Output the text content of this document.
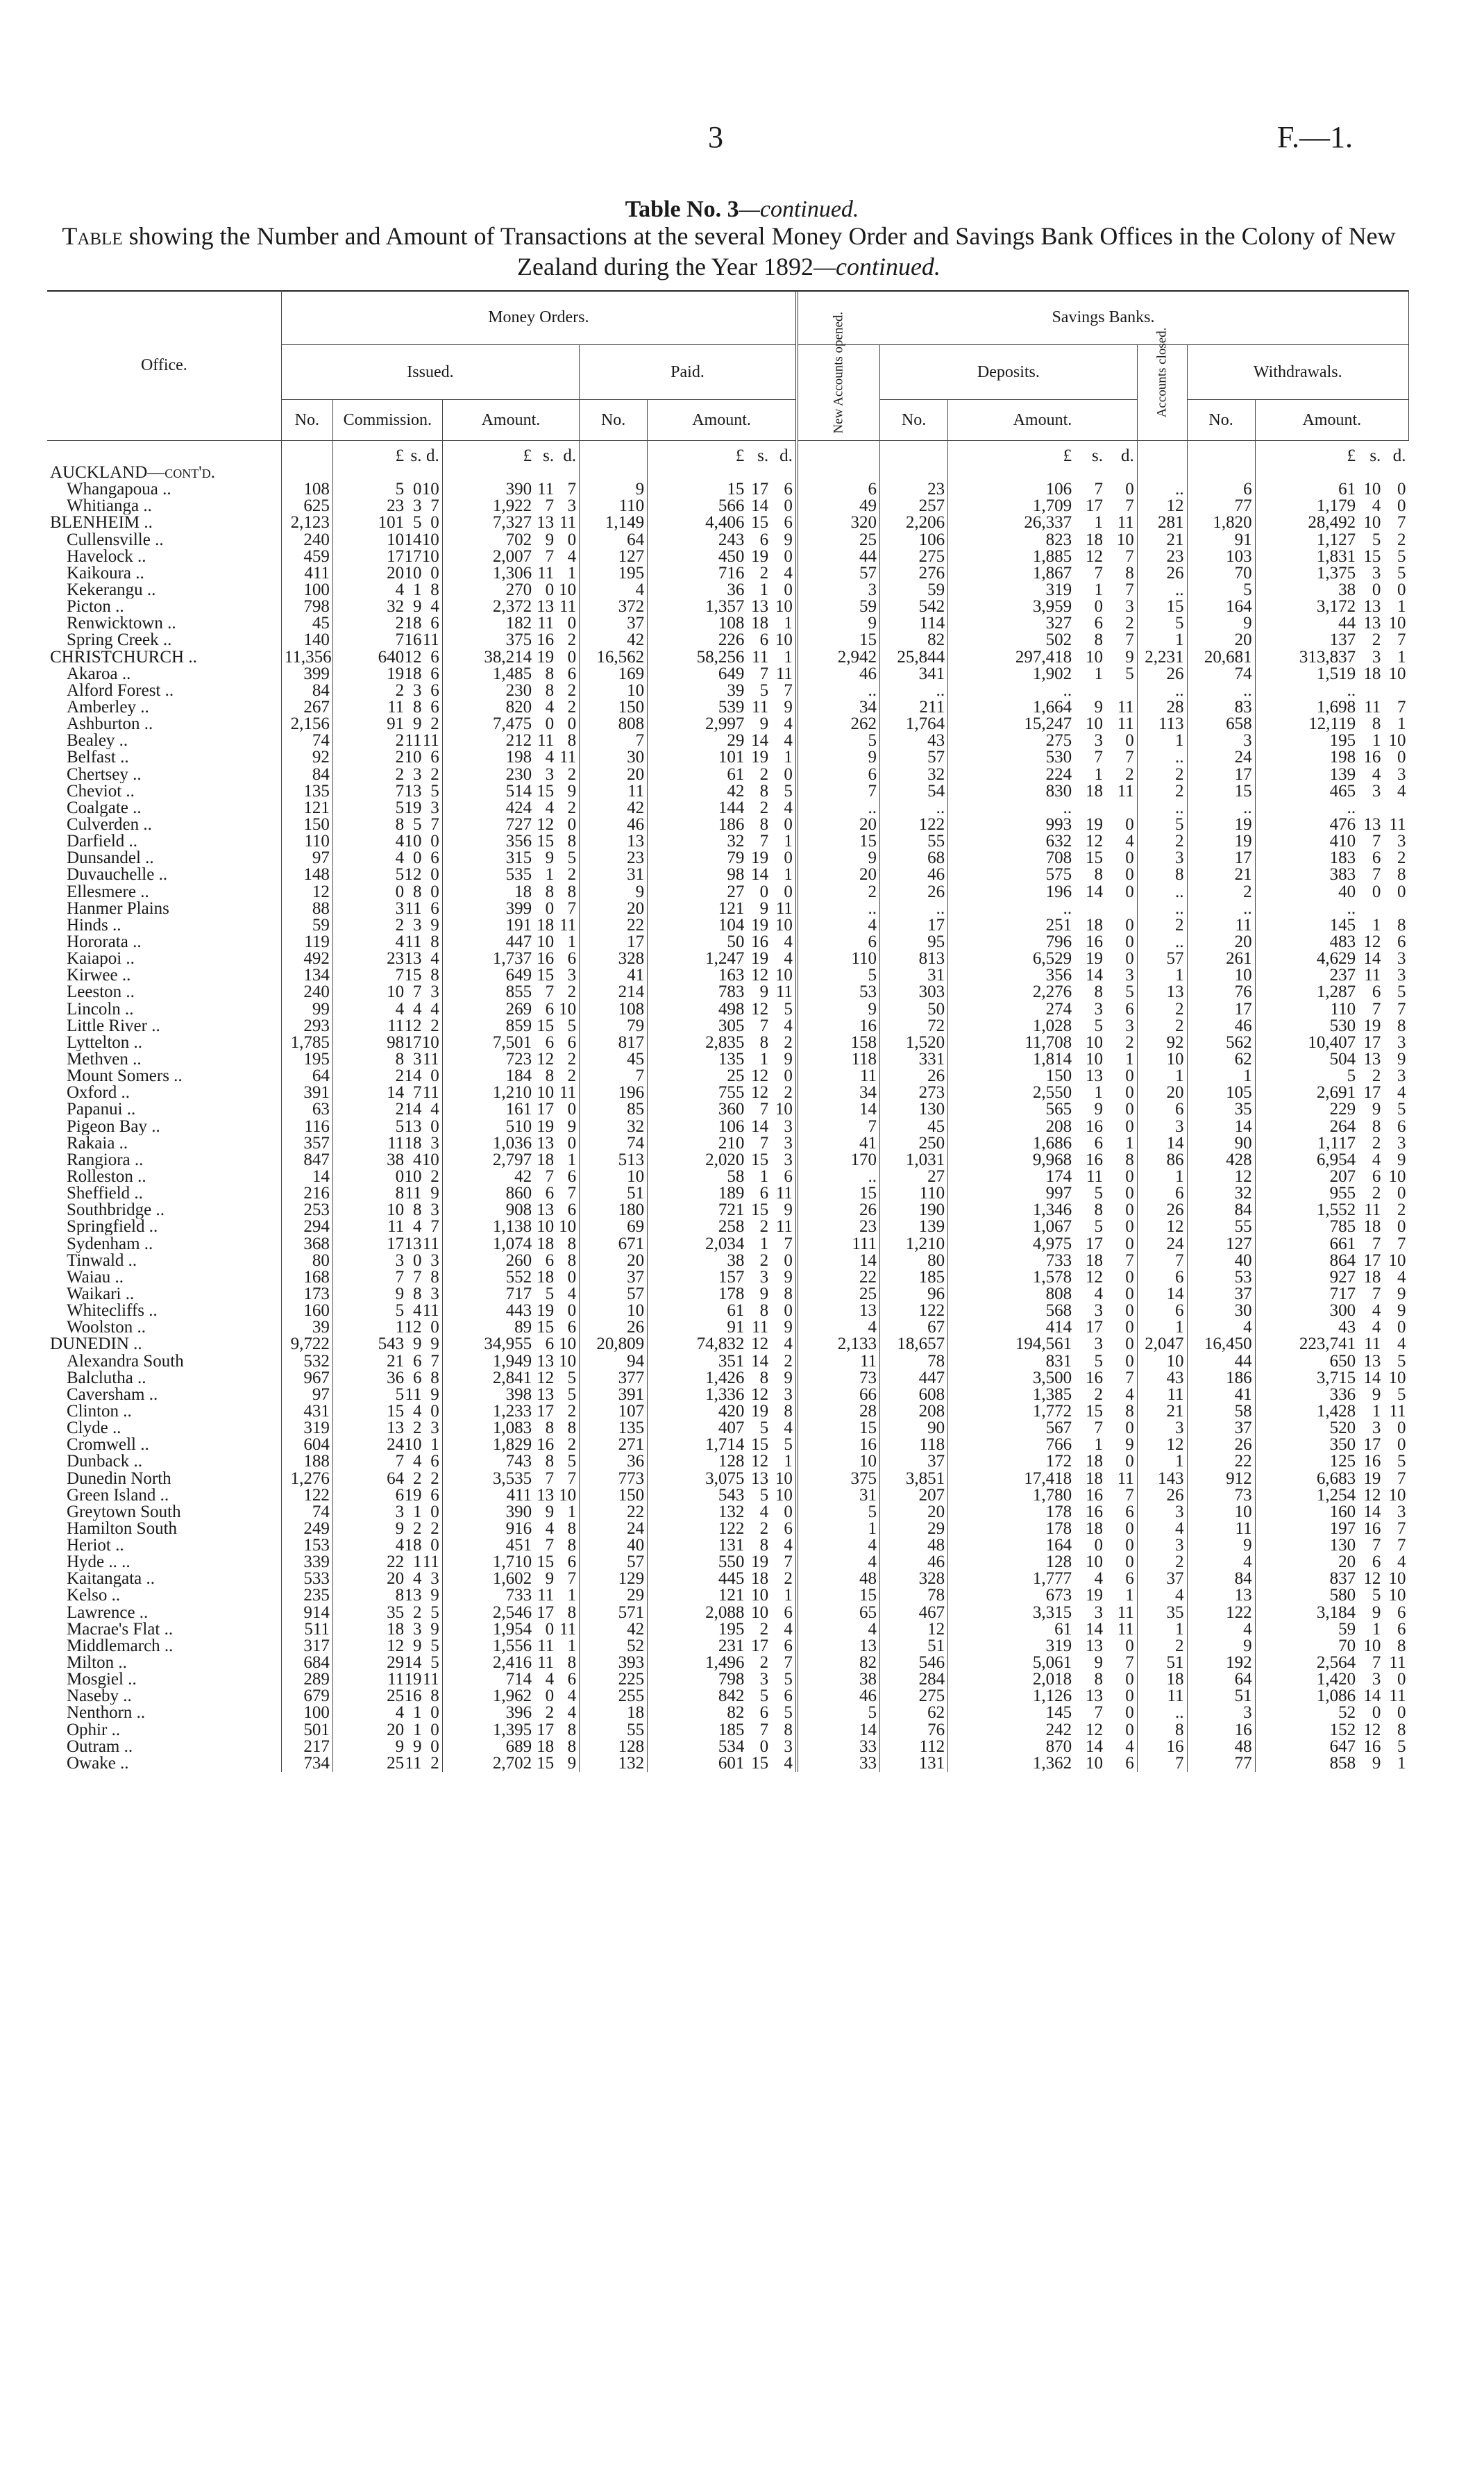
3	F.—1.
Table No. 3—continued.
Table showing the Number and Amount of Transactions at the several Money Order and Savings Bank Offices in the Colony of New Zealand during the Year 1892—continued.
Office.	Money Orders.					Savings Banks.					
	Issued.			Paid.		New Accounts opened.	Deposits.		Accounts closed.	Withdrawals.	
	No.	Commission.	Amount.	No.	Amount.		No.	Amount.		No.	Amount.
		£ s. d.	£ s. d.		£ s. d.			£ s. d.			£ s. d.
AUCKLAND—cont'd.											
Whangapoua ..	108	5 010	390 11 7	9	15 17 6	6	23	106 7 0	..	6	61 10 0
Whitianga ..	625	23 3 7	1,922 7 3	110	566 14 0	49	257	1,709 17 7	12	77	1,179 4 0
BLENHEIM ..	2,123	101 5 0	7,327 13 11	1,149	4,406 15 6	320	2,206	26,337 1 11	281	1,820	28,492 10 7
Cullensville ..	240	101410	702 9 0	64	243 6 9	25	106	823 18 10	21	91	1,127 5 2
Havelock ..	459	171710	2,007 7 4	127	450 19 0	44	275	1,885 12 7	23	103	1,831 15 5
Kaikoura ..	411	2010 0	1,306 11 1	195	716 2 4	57	276	1,867 7 8	26	70	1,375 3 5
Kekerangu ..	100	4 1 8	270 0 10	4	36 1 0	3	59	319 1 7	..	5	38 0 0
Picton ..	798	32 9 4	2,372 13 11	372	1,357 13 10	59	542	3,959 0 3	15	164	3,172 13 1
Renwicktown ..	45	218 6	182 11 0	37	108 18 1	9	114	327 6 2	5	9	44 13 10
Spring Creek ..	140	71611	375 16 2	42	226 6 10	15	82	502 8 7	1	20	137 2 7
CHRISTCHURCH ..	11,356	64012 6	38,214 19 0	16,562	58,256 11 1	2,942	25,844	297,418 10 9	2,231	20,681	313,837 3 1
Akaroa ..	399	1918 6	1,485 8 6	169	649 7 11	46	341	1,902 1 5	26	74	1,519 18 10
Alford Forest ..	84	2 3 6	230 8 2	10	39 5 7	..	..	..	..	..	..
Amberley ..	267	11 8 6	820 4 2	150	539 11 9	34	211	1,664 9 11	28	83	1,698 11 7
Ashburton ..	2,156	91 9 2	7,475 0 0	808	2,997 9 4	262	1,764	15,247 10 11	113	658	12,119 8 1
Bealey ..	74	21111	212 11 8	7	29 14 4	5	43	275 3 0	1	3	195 1 10
Belfast ..	92	210 6	198 4 11	30	101 19 1	9	57	530 7 7	..	24	198 16 0
Chertsey ..	84	2 3 2	230 3 2	20	61 2 0	6	32	224 1 2	2	17	139 4 3
Cheviot ..	135	713 5	514 15 9	11	42 8 5	7	54	830 18 11	2	15	465 3 4
Coalgate ..	121	519 3	424 4 2	42	144 2 4	..	..	..	..	..	..
Culverden ..	150	8 5 7	727 12 0	46	186 8 0	20	122	993 19 0	5	19	476 13 11
Darfield ..	110	410 0	356 15 8	13	32 7 1	15	55	632 12 4	2	19	410 7 3
Dunsandel ..	97	4 0 6	315 9 5	23	79 19 0	9	68	708 15 0	3	17	183 6 2
Duvauchelle ..	148	512 0	535 1 2	31	98 14 1	20	46	575 8 0	8	21	383 7 8
Ellesmere ..	12	0 8 0	18 8 8	9	27 0 0	2	26	196 14 0	..	2	40 0 0
Hanmer Plains	88	311 6	399 0 7	20	121 9 11	..	..	..	..	..	..
Hinds ..	59	2 3 9	191 18 11	22	104 19 10	4	17	251 18 0	2	11	145 1 8
Hororata ..	119	411 8	447 10 1	17	50 16 4	6	95	796 16 0	..	20	483 12 6
Kaiapoi ..	492	2313 4	1,737 16 6	328	1,247 19 4	110	813	6,529 19 0	57	261	4,629 14 3
Kirwee ..	134	715 8	649 15 3	41	163 12 10	5	31	356 14 3	1	10	237 11 3
Leeston ..	240	10 7 3	855 7 2	214	783 9 11	53	303	2,276 8 5	13	76	1,287 6 5
Lincoln ..	99	4 4 4	269 6 10	108	498 12 5	9	50	274 3 6	2	17	110 7 7
Little River ..	293	1112 2	859 15 5	79	305 7 4	16	72	1,028 5 3	2	46	530 19 8
Lyttelton ..	1,785	981710	7,501 6 6	817	2,835 8 2	158	1,520	11,708 10 2	92	562	10,407 17 3
Methven ..	195	8 311	723 12 2	45	135 1 9	118	331	1,814 10 1	10	62	504 13 9
Mount Somers ..	64	214 0	184 8 2	7	25 12 0	11	26	150 13 0	1	1	5 2 3
Oxford ..	391	14 711	1,210 10 11	196	755 12 2	34	273	2,550 1 0	20	105	2,691 17 4
Papanui ..	63	214 4	161 17 0	85	360 7 10	14	130	565 9 0	6	35	229 9 5
Pigeon Bay ..	116	513 0	510 19 9	32	106 14 3	7	45	208 16 0	3	14	264 8 6
Rakaia ..	357	1118 3	1,036 13 0	74	210 7 3	41	250	1,686 6 1	14	90	1,117 2 3
Rangiora ..	847	38 410	2,797 18 1	513	2,020 15 3	170	1,031	9,968 16 8	86	428	6,954 4 9
Rolleston ..	14	010 2	42 7 6	10	58 1 6	..	27	174 11 0	1	12	207 6 10
Sheffield ..	216	811 9	860 6 7	51	189 6 11	15	110	997 5 0	6	32	955 2 0
Southbridge ..	253	10 8 3	908 13 6	180	721 15 9	26	190	1,346 8 0	26	84	1,552 11 2
Springfield ..	294	11 4 7	1,138 10 10	69	258 2 11	23	139	1,067 5 0	12	55	785 18 0
Sydenham ..	368	171311	1,074 18 8	671	2,034 1 7	111	1,210	4,975 17 0	24	127	661 7 7
Tinwald ..	80	3 0 3	260 6 8	20	38 2 0	14	80	733 18 7	7	40	864 17 10
Waiau ..	168	7 7 8	552 18 0	37	157 3 9	22	185	1,578 12 0	6	53	927 18 4
Waikari ..	173	9 8 3	717 5 4	57	178 9 8	25	96	808 4 0	14	37	717 7 9
Whitecliffs ..	160	5 411	443 19 0	10	61 8 0	13	122	568 3 0	6	30	300 4 9
Woolston ..	39	112 0	89 15 6	26	91 11 9	4	67	414 17 0	1	4	43 4 0
DUNEDIN ..	9,722	543 9 9	34,955 6 10	20,809	74,832 12 4	2,133	18,657	194,561 3 0	2,047	16,450	223,741 11 4
Alexandra South	532	21 6 7	1,949 13 10	94	351 14 2	11	78	831 5 0	10	44	650 13 5
Balclutha ..	967	36 6 8	2,841 12 5	377	1,426 8 9	73	447	3,500 16 7	43	186	3,715 14 10
Caversham ..	97	511 9	398 13 5	391	1,336 12 3	66	608	1,385 2 4	11	41	336 9 5
Clinton ..	431	15 4 0	1,233 17 2	107	420 19 8	28	208	1,772 15 8	21	58	1,428 1 11
Clyde ..	319	13 2 3	1,083 8 8	135	407 5 4	15	90	567 7 0	3	37	520 3 0
Cromwell ..	604	2410 1	1,829 16 2	271	1,714 15 5	16	118	766 1 9	12	26	350 17 0
Dunback ..	188	7 4 6	743 8 5	36	128 12 1	10	37	172 18 0	1	22	125 16 5
Dunedin North	1,276	64 2 2	3,535 7 7	773	3,075 13 10	375	3,851	17,418 18 11	143	912	6,683 19 7
Green Island ..	122	619 6	411 13 10	150	543 5 10	31	207	1,780 16 7	26	73	1,254 12 10
Greytown South	74	3 1 0	390 9 1	22	132 4 0	5	20	178 16 6	3	10	160 14 3
Hamilton South	249	9 2 2	916 4 8	24	122 2 6	1	29	178 18 0	4	11	197 16 7
Heriot ..	153	418 0	451 7 8	40	131 8 4	4	48	164 0 0	3	9	130 7 7
Hyde .. ..	339	22 111	1,710 15 6	57	550 19 7	4	46	128 10 0	2	4	20 6 4
Kaitangata ..	533	20 4 3	1,602 9 7	129	445 18 2	48	328	1,777 4 6	37	84	837 12 10
Kelso ..	235	813 9	733 11 1	29	121 10 1	15	78	673 19 1	4	13	580 5 10
Lawrence ..	914	35 2 5	2,546 17 8	571	2,088 10 6	65	467	3,315 3 11	35	122	3,184 9 6
Macrae's Flat ..	511	18 3 9	1,954 0 11	42	195 2 4	4	12	61 14 11	1	4	59 1 6
Middlemarch ..	317	12 9 5	1,556 11 1	52	231 17 6	13	51	319 13 0	2	9	70 10 8
Milton ..	684	2914 5	2,416 11 8	393	1,496 2 7	82	546	5,061 9 7	51	192	2,564 7 11
Mosgiel ..	289	111911	714 4 6	225	798 3 5	38	284	2,018 8 0	18	64	1,420 3 0
Naseby ..	679	2516 8	1,962 0 4	255	842 5 6	46	275	1,126 13 0	11	51	1,086 14 11
Nenthorn ..	100	4 1 0	396 2 4	18	82 6 5	5	62	145 7 0	..	3	52 0 0
Ophir ..	501	20 1 0	1,395 17 8	55	185 7 8	14	76	242 12 0	8	16	152 12 8
Outram ..	217	9 9 0	689 18 8	128	534 0 3	33	112	870 14 4	16	48	647 16 5
Owake ..	734	2511 2	2,702 15 9	132	601 15 4	33	131	1,362 10 6	7	77	858 9 1
